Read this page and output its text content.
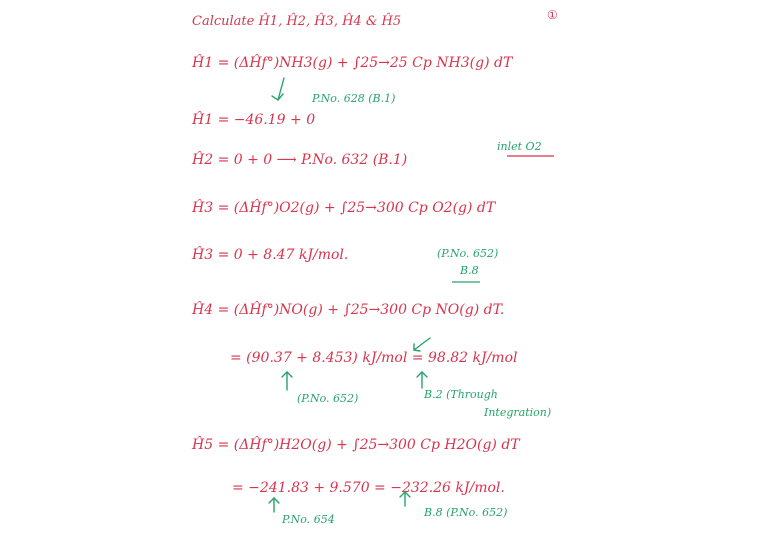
①
Calculate Ĥ1, Ĥ2, Ĥ3, Ĥ4 & Ĥ5
Ĥ1 = (ΔĤf°)NH3(g) + ∫25→25 Cp NH3(g) dT
P.No. 628 (B.1)
Ĥ1 = −46.19 + 0
Ĥ2 = 0 + 0 ⟶ P.No. 632 (B.1)
inlet O2
Ĥ3 = (ΔĤf°)O2(g) + ∫25→300 Cp O2(g) dT
Ĥ3 = 0 + 8.47 kJ/mol.	(P.No. 652)
B.8
Ĥ4 = (ΔĤf°)NO(g) + ∫25→300 Cp NO(g) dT.
= (90.37 + 8.453) kJ/mol = 98.82 kJ/mol
(P.No. 652)	B.2 (Through
Integration)
Ĥ5 = (ΔĤf°)H2O(g) + ∫25→300 Cp H2O(g) dT
= −241.83 + 9.570 = −232.26 kJ/mol.
P.No. 654
B.8 (P.No. 652)
